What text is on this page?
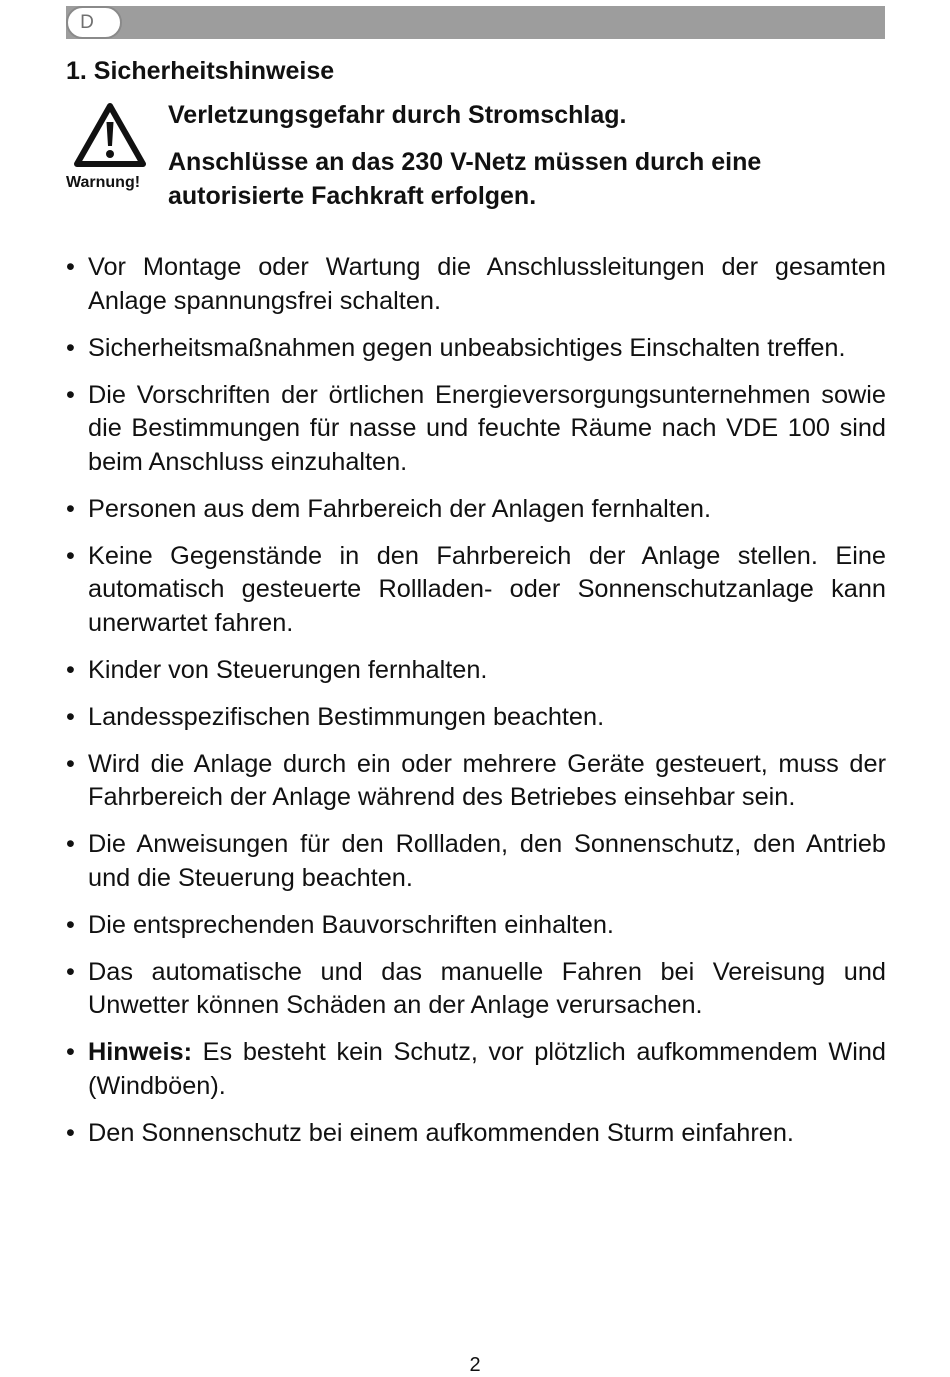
D
1. Sicherheitshinweise
Warnung!

Verletzungsgefahr durch Stromschlag.

Anschlüsse an das 230 V-Netz müssen durch eine autorisierte Fachkraft erfolgen.

• Vor Montage oder Wartung die Anschlussleitungen der gesamten Anlage spannungsfrei schalten.
• Sicherheitsmaßnahmen gegen unbeabsichtiges Einschalten treffen.
• Die Vorschriften der örtlichen Energieversorgungsunternehmen sowie die Bestimmungen für nasse und feuchte Räume nach VDE 100 sind beim Anschluss einzuhalten.
• Personen aus dem Fahrbereich der Anlagen fernhalten.
• Keine Gegenstände in den Fahrbereich der Anlage stellen. Eine automatisch gesteuerte Rollladen- oder Sonnenschutzanlage kann unerwartet fahren.
• Kinder von Steuerungen fernhalten.
• Landesspezifischen Bestimmungen beachten.
• Wird die Anlage durch ein oder mehrere Geräte gesteuert, muss der Fahrbereich der Anlage während des Betriebes einsehbar sein.
• Die Anweisungen für den Rollladen, den Sonnenschutz, den Antrieb und die Steuerung beachten.
• Die entsprechenden Bauvorschriften einhalten.
• Das automatische und das manuelle Fahren bei Vereisung und Unwetter können Schäden an der Anlage verursachen.
• Hinweis: Es besteht kein Schutz, vor plötzlich aufkommendem Wind (Windböen).
• Den Sonnenschutz bei einem aufkommenden Sturm einfahren.
2
